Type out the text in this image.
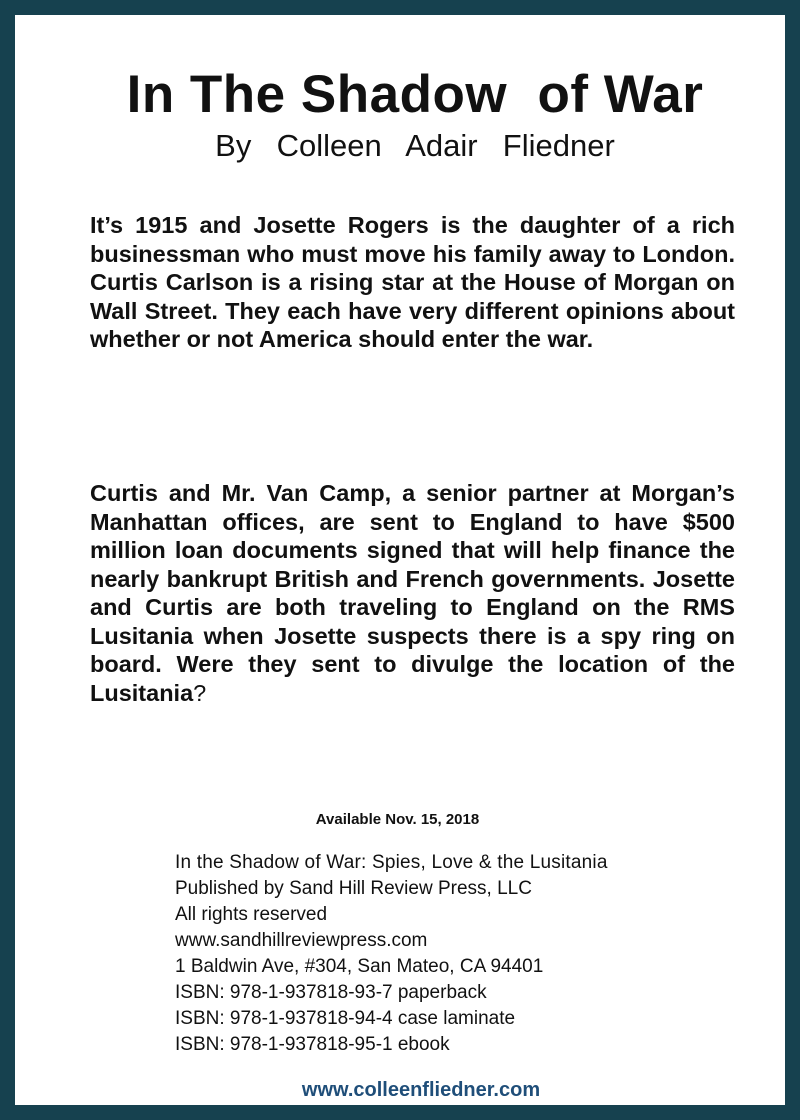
In The Shadow  of War
By  Colleen  Adair  Fliedner

It’s 1915 and Josette Rogers is the daughter of a rich businessman who must move his family away to London. Curtis Carlson is a rising star at the House of Morgan on Wall Street. They each have very different opinions about whether or not America should enter the war.

Curtis and Mr. Van Camp, a senior partner at Morgan’s Manhattan offices, are sent to England to have $500 million loan documents signed that will help finance the nearly bankrupt British and French governments. Josette and Curtis are both traveling to England on the RMS Lusitania when Josette suspects there is a spy ring on board. Were they sent to divulge the location of the Lusitania?

Available Nov. 15, 2018
In the Shadow of War: Spies, Love & the Lusitania
Published by Sand Hill Review Press, LLC
All rights reserved
www.sandhillreviewpress.com
1 Baldwin Ave, #304, San Mateo, CA 94401
ISBN: 978-1-937818-93-7 paperback
ISBN: 978-1-937818-94-4 case laminate
ISBN: 978-1-937818-95-1 ebook
www.colleenfliedner.com
